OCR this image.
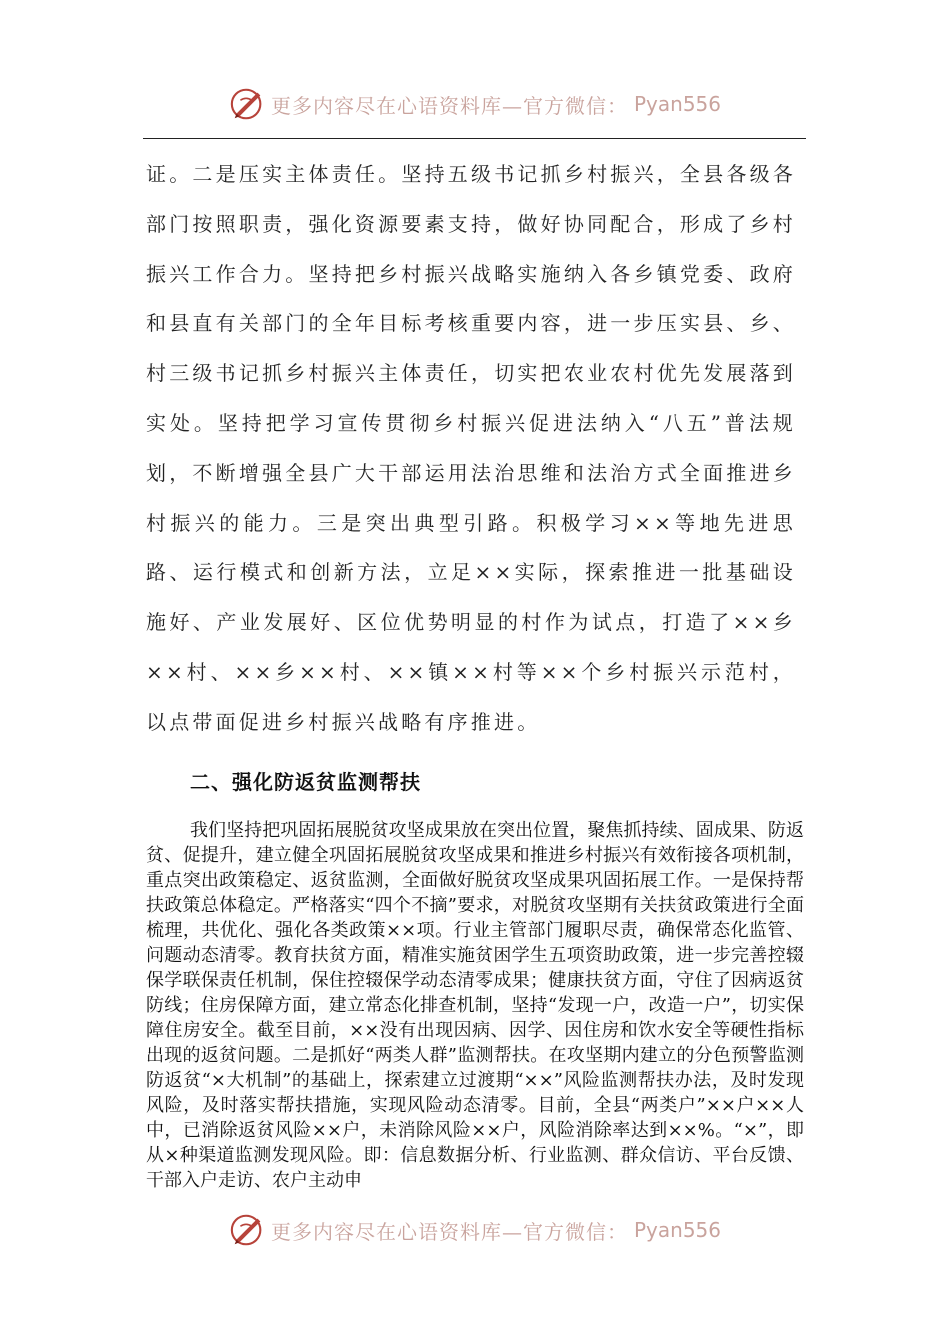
更多内容尽在心语资料库—官方微信： Pyan556
证。二是压实主体责任。坚持五级书记抓乡村振兴，全县各级各部门按照职责，强化资源要素支持，做好协同配合，形成了乡村振兴工作合力。坚持把乡村振兴战略实施纳入各乡镇党委、政府和县直有关部门的全年目标考核重要内容，进一步压实县、乡、村三级书记抓乡村振兴主体责任，切实把农业农村优先发展落到实处。坚持把学习宣传贯彻乡村振兴促进法纳入“八五”普法规划，不断增强全县广大干部运用法治思维和法治方式全面推进乡村振兴的能力。三是突出典型引路。积极学习××等地先进思路、运行模式和创新方法，立足××实际，探索推进一批基础设施好、产业发展好、区位优势明显的村作为试点，打造了××乡××村、××乡××村、××镇××村等××个乡村振兴示范村，以点带面促进乡村振兴战略有序推进。
二、强化防返贫监测帮扶
我们坚持把巩固拓展脱贫攻坚成果放在突出位置，聚焦抓持续、固成果、防返贫、促提升，建立健全巩固拓展脱贫攻坚成果和推进乡村振兴有效衔接各项机制，重点突出政策稳定、返贫监测，全面做好脱贫攻坚成果巩固拓展工作。一是保持帮扶政策总体稳定。严格落实“四个不摘”要求，对脱贫攻坚期有关扶贫政策进行全面梳理，共优化、强化各类政策××项。行业主管部门履职尽责，确保常态化监管、问题动态清零。教育扶贫方面，精准实施贫困学生五项资助政策，进一步完善控辍保学联保责任机制，保住控辍保学动态清零成果；健康扶贫方面，守住了因病返贫防线；住房保障方面，建立常态化排查机制，坚持“发现一户，改造一户”，切实保障住房安全。截至目前，××没有出现因病、因学、因住房和饮水安全等硬性指标出现的返贫问题。二是抓好“两类人群”监测帮扶。在攻坚期内建立的分色预警监测防返贫“×大机制”的基础上，探索建立过渡期“××”风险监测帮扶办法，及时发现风险，及时落实帮扶措施，实现风险动态清零。目前，全县“两类户”××户××人中，已消除返贫风险××户，未消除风险××户，风险消除率达到××%。“×”，即从×种渠道监测发现风险。即：信息数据分析、行业监测、群众信访、平台反馈、干部入户走访、农户主动申
更多内容尽在心语资料库—官方微信： Pyan556
